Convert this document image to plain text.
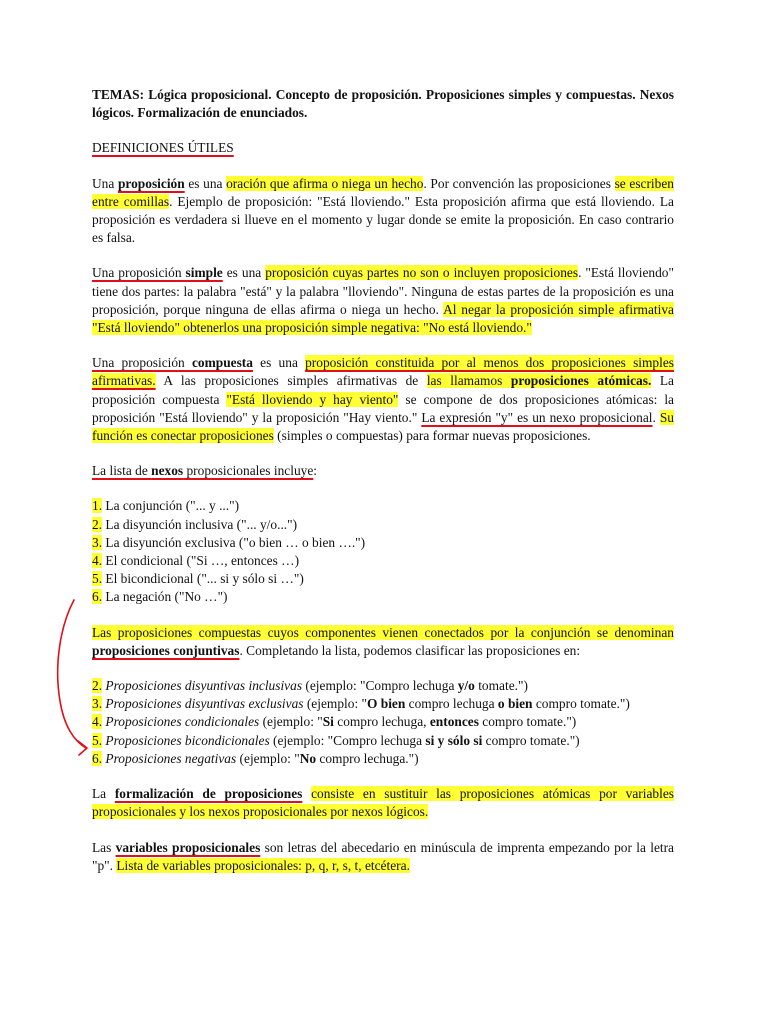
TEMAS: Lógica proposicional. Concepto de proposición. Proposiciones simples y compuestas. Nexos lógicos. Formalización de enunciados.

DEFINICIONES ÚTILES

Una proposición es una oración que afirma o niega un hecho. Por convención las proposiciones se escriben entre comillas. Ejemplo de proposición: "Está lloviendo." Esta proposición afirma que está lloviendo. La proposición es verdadera si llueve en el momento y lugar donde se emite la proposición. En caso contrario es falsa.

Una proposición simple es una proposición cuyas partes no son o incluyen proposiciones. "Está lloviendo" tiene dos partes: la palabra "está" y la palabra "lloviendo". Ninguna de estas partes de la proposición es una proposición, porque ninguna de ellas afirma o niega un hecho. Al negar la proposición simple afirmativa "Está lloviendo" obtenerlos una proposición simple negativa: "No está lloviendo."

Una proposición compuesta es una proposición constituida por al menos dos proposiciones simples afirmativas. A las proposiciones simples afirmativas de las llamamos proposiciones atómicas. La proposición compuesta "Está lloviendo y hay viento" se compone de dos proposiciones atómicas: la proposición "Está lloviendo" y la proposición "Hay viento." La expresión "y" es un nexo proposicional. Su función es conectar proposiciones (simples o compuestas) para formar nuevas proposiciones.

La lista de nexos proposicionales incluye:

1. La conjunción ("... y ...")
2. La disyunción inclusiva ("... y/o...")
3. La disyunción exclusiva ("o bien … o bien ….")
4. El condicional ("Si …, entonces …)
5. El bicondicional ("... si y sólo si …")
6. La negación ("No …")

Las proposiciones compuestas cuyos componentes vienen conectados por la conjunción se denominan proposiciones conjuntivas. Completando la lista, podemos clasificar las proposiciones en:

2. Proposiciones disyuntivas inclusivas (ejemplo: "Compro lechuga y/o tomate.")
3. Proposiciones disyuntivas exclusivas (ejemplo: "O bien compro lechuga o bien compro tomate.")
4. Proposiciones condicionales (ejemplo: "Si compro lechuga, entonces compro tomate.")
5. Proposiciones bicondicionales (ejemplo: "Compro lechuga si y sólo si compro tomate.")
6. Proposiciones negativas (ejemplo: "No compro lechuga.")

La formalización de proposiciones consiste en sustituir las proposiciones atómicas por variables proposicionales y los nexos proposicionales por nexos lógicos.

Las variables proposicionales son letras del abecedario en minúscula de imprenta empezando por la letra "p". Lista de variables proposicionales: p, q, r, s, t, etcétera.
